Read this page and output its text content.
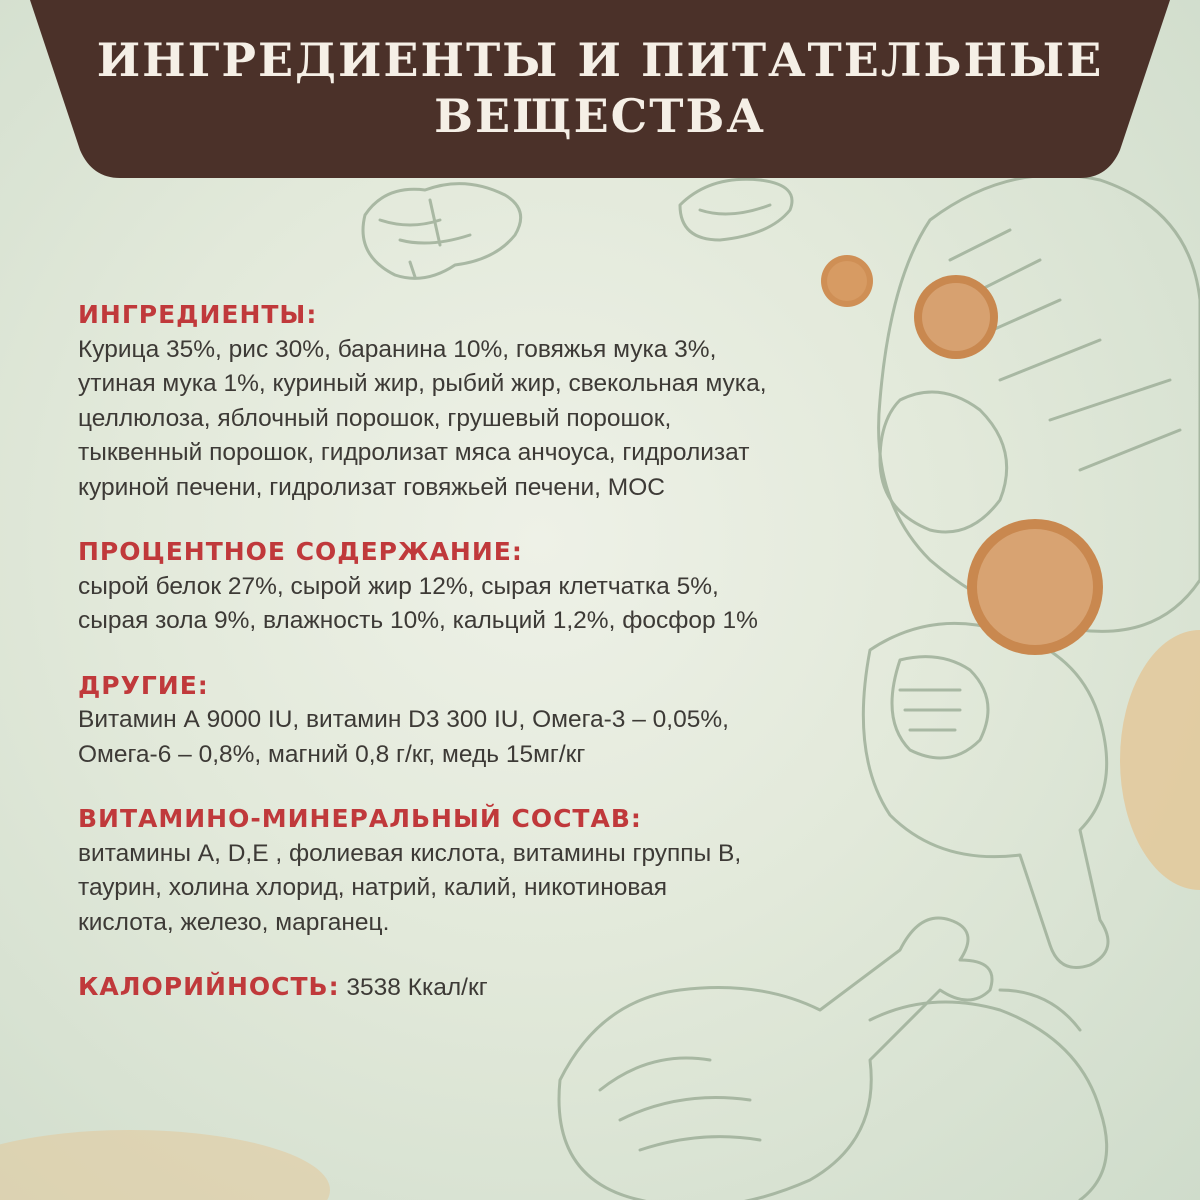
ИНГРЕДИЕНТЫ И ПИТАТЕЛЬНЫЕ
ВЕЩЕСТВА
ИНГРЕДИЕНТЫ:
Курица 35%, рис 30%, баранина 10%, говяжья мука 3%,
утиная мука 1%, куриный жир, рыбий жир, свекольная мука,
целлюлоза, яблочный порошок, грушевый порошок,
тыквенный порошок, гидролизат мяса анчоуса, гидролизат
куриной печени, гидролизат говяжьей печени, МОС
ПРОЦЕНТНОЕ СОДЕРЖАНИЕ:
сырой белок 27%, сырой жир 12%, сырая клетчатка 5%,
сырая зола 9%, влажность 10%, кальций 1,2%, фосфор 1%
ДРУГИЕ:
Витамин А 9000 IU, витамин D3 300 IU, Омега-3 – 0,05%,
Омега-6 – 0,8%, магний 0,8 г/кг, медь 15мг/кг
ВИТАМИНО-МИНЕРАЛЬНЫЙ СОСТАВ:
витамины А, D,E , фолиевая кислота, витамины группы В,
таурин, холина хлорид, натрий, калий, никотиновая
кислота, железо, марганец.
КАЛОРИЙНОСТЬ: 3538 Ккал/кг
